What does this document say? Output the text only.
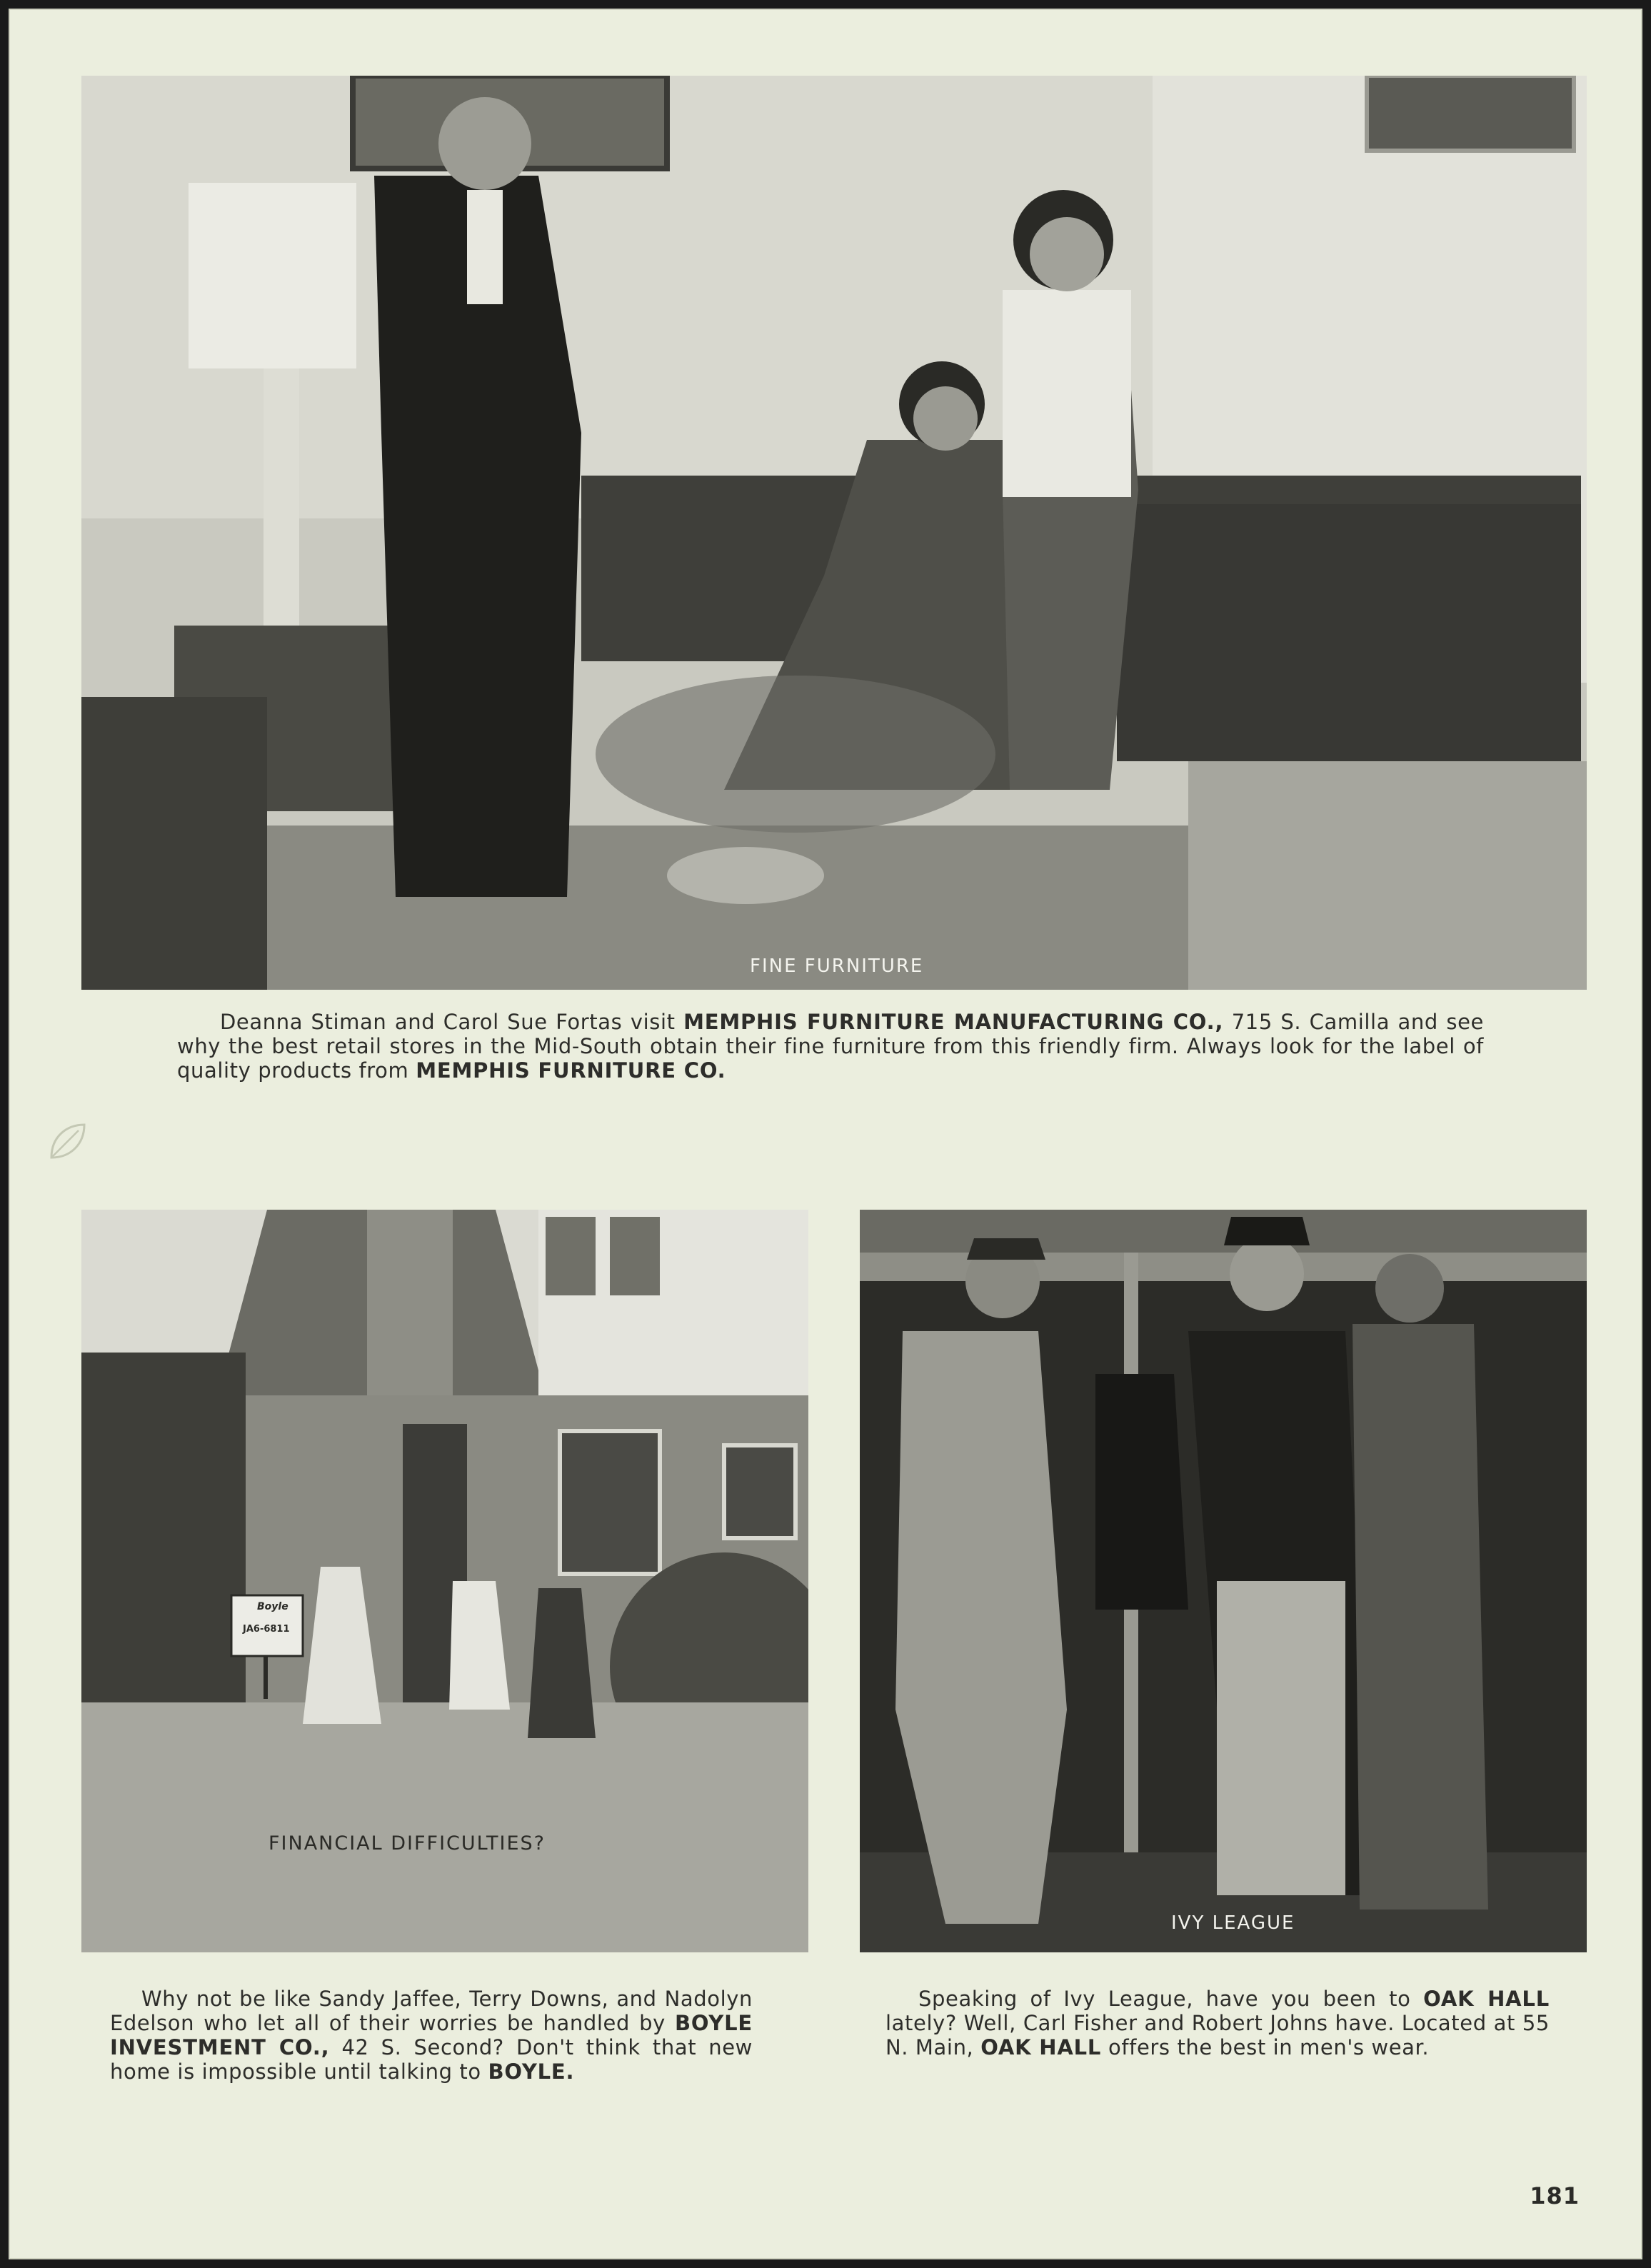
FINE FURNITURE

Deanna Stiman and Carol Sue Fortas visit MEMPHIS FURNITURE MANUFACTURING CO., 715 S. Camilla and see why the best retail stores in the Mid-South obtain their fine furniture from this friendly firm. Always look for the label of quality products from MEMPHIS FURNITURE CO.

Boyle
JA6-6811
FINANCIAL DIFFICULTIES?
IVY LEAGUE

Why not be like Sandy Jaffee, Terry Downs, and Nadolyn Edelson who let all of their worries be handled by BOYLE INVESTMENT CO., 42 S. Second? Don't think that new home is impossible until talking to BOYLE.

Speaking of Ivy League, have you been to OAK HALL lately? Well, Carl Fisher and Robert Johns have. Located at 55 N. Main, OAK HALL offers the best in men's wear.

181
